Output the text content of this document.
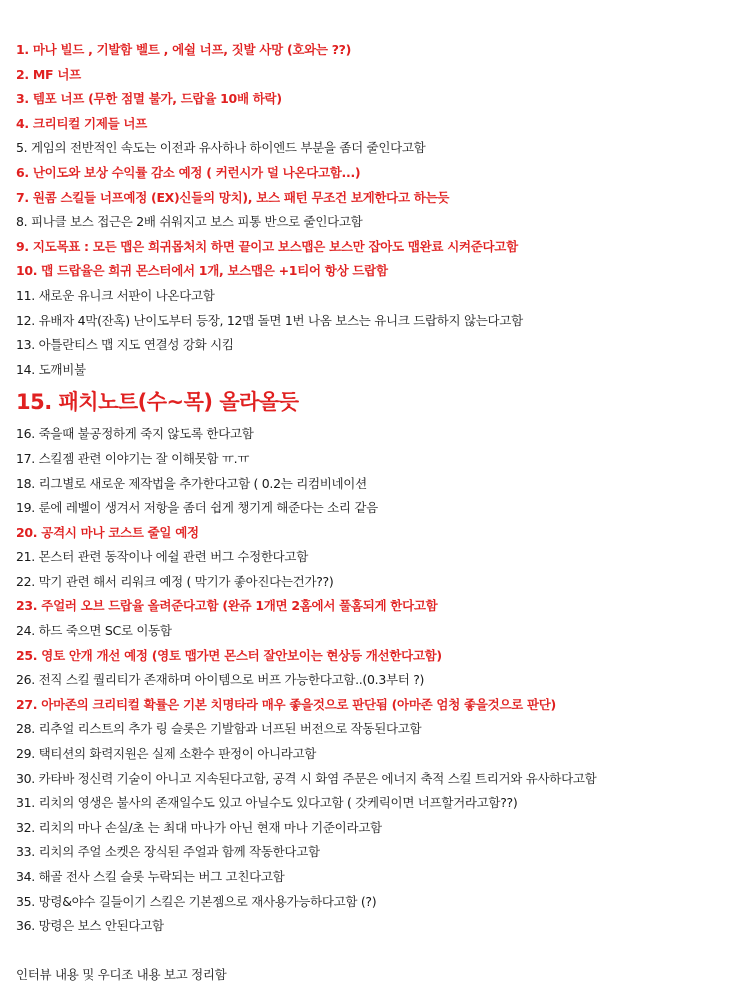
1. 마나 빌드 , 기발함 벨트 , 에쉴 너프, 짓발 사망 (호와는 ??)
2. MF 너프
3. 템포 너프 (무한 점멸 불가, 드랍율 10배 하락)
4. 크리티컬 기제들 너프
5. 게임의 전반적인 속도는 이전과 유사하나 하이엔드 부분을 좀더 줄인다고함
6. 난이도와 보상 수익률 감소 예정 ( 커런시가 덜 나온다고함...)
7. 원콤 스킬들 너프예정 (EX)신들의 망치), 보스 패턴 무조건 보게한다고 하는듯
8. 피나클 보스 접근은 2배 쉬워지고 보스 피통 반으로 줄인다고함
9. 지도목표 : 모든 맵은 희귀몹처치 하면 끝이고 보스맵은 보스만 잡아도 맵완료 시켜준다고함
10. 맵 드랍율은 희귀 몬스터에서 1개, 보스맵은 +1티어 항상 드랍함
11. 새로운 유니크 서판이 나온다고함
12. 유배자 4막(잔혹) 난이도부터 등장, 12맵 돌면 1번 나옴 보스는 유니크 드랍하지 않는다고함
13. 아틀란티스 맵 지도 연결성 강화 시킴
14. 도깨비불
15. 패치노트(수~목) 올라올듯
16. 죽을때 불공정하게 죽지 않도록 한다고함
17. 스킬젬 관련 이야기는 잘 이해못함 ㅠ.ㅠ
18. 리그별로 새로운 제작법을 추가한다고함 ( 0.2는 리컴비네이션
19. 룬에 레벨이 생겨서 저항을 좀더 쉽게 챙기게 해준다는 소리 같음
20. 공격시 마나 코스트 줄일 예정
21. 몬스터 관련 동작이나 에쉴 관련 버그 수정한다고함
22. 막기 관련 해서 리워크 예정 ( 막기가 좋아진다는건가??)
23. 주얼러 오브 드랍율 올려준다고함 (완쥬 1개면 2홈에서 풀홈되게 한다고함
24. 하드 죽으면 SC로 이동함
25. 영토 안개 개선 예정 (영토 맵가면 몬스터 잘안보이는 현상등 개선한다고함)
26. 전직 스킬 퀄리티가 존재하며 아이템으로 버프 가능한다고함..(0.3부터 ?)
27. 아마존의 크리티컬 확률은 기본 치명타라 매우 좋을것으로 판단됨 (아마존 엄청 좋을것으로 판단)
28. 리추얼 리스트의 추가 링 슬롯은 기발함과 너프된 버전으로 작동된다고함
29. 택티션의 화력지원은 실제 소환수 판정이 아니라고함
30. 카타바 정신력 기술이 아니고 지속된다고함, 공격 시 화염 주문은 에너지 축적 스킬 트리거와 유사하다고함
31. 리치의 영생은 불사의 존재일수도 있고 아닐수도 있다고함 ( 갓케릭이면 너프할거라고함??)
32. 리치의 마나 손실/초 는 최대 마나가 아닌 현재 마나 기준이라고함
33. 리치의 주얼 소켓은 장식된 주얼과 함께 작동한다고함
34. 해골 전사 스킬 슬롯 누락되는 버그 고친다고함
35. 망령&야수 길들이기 스킬은 기본젬으로 재사용가능하다고함 (?)
36. 망령은 보스 안된다고함
인터뷰 내용 및 우디조 내용 보고 정리함
